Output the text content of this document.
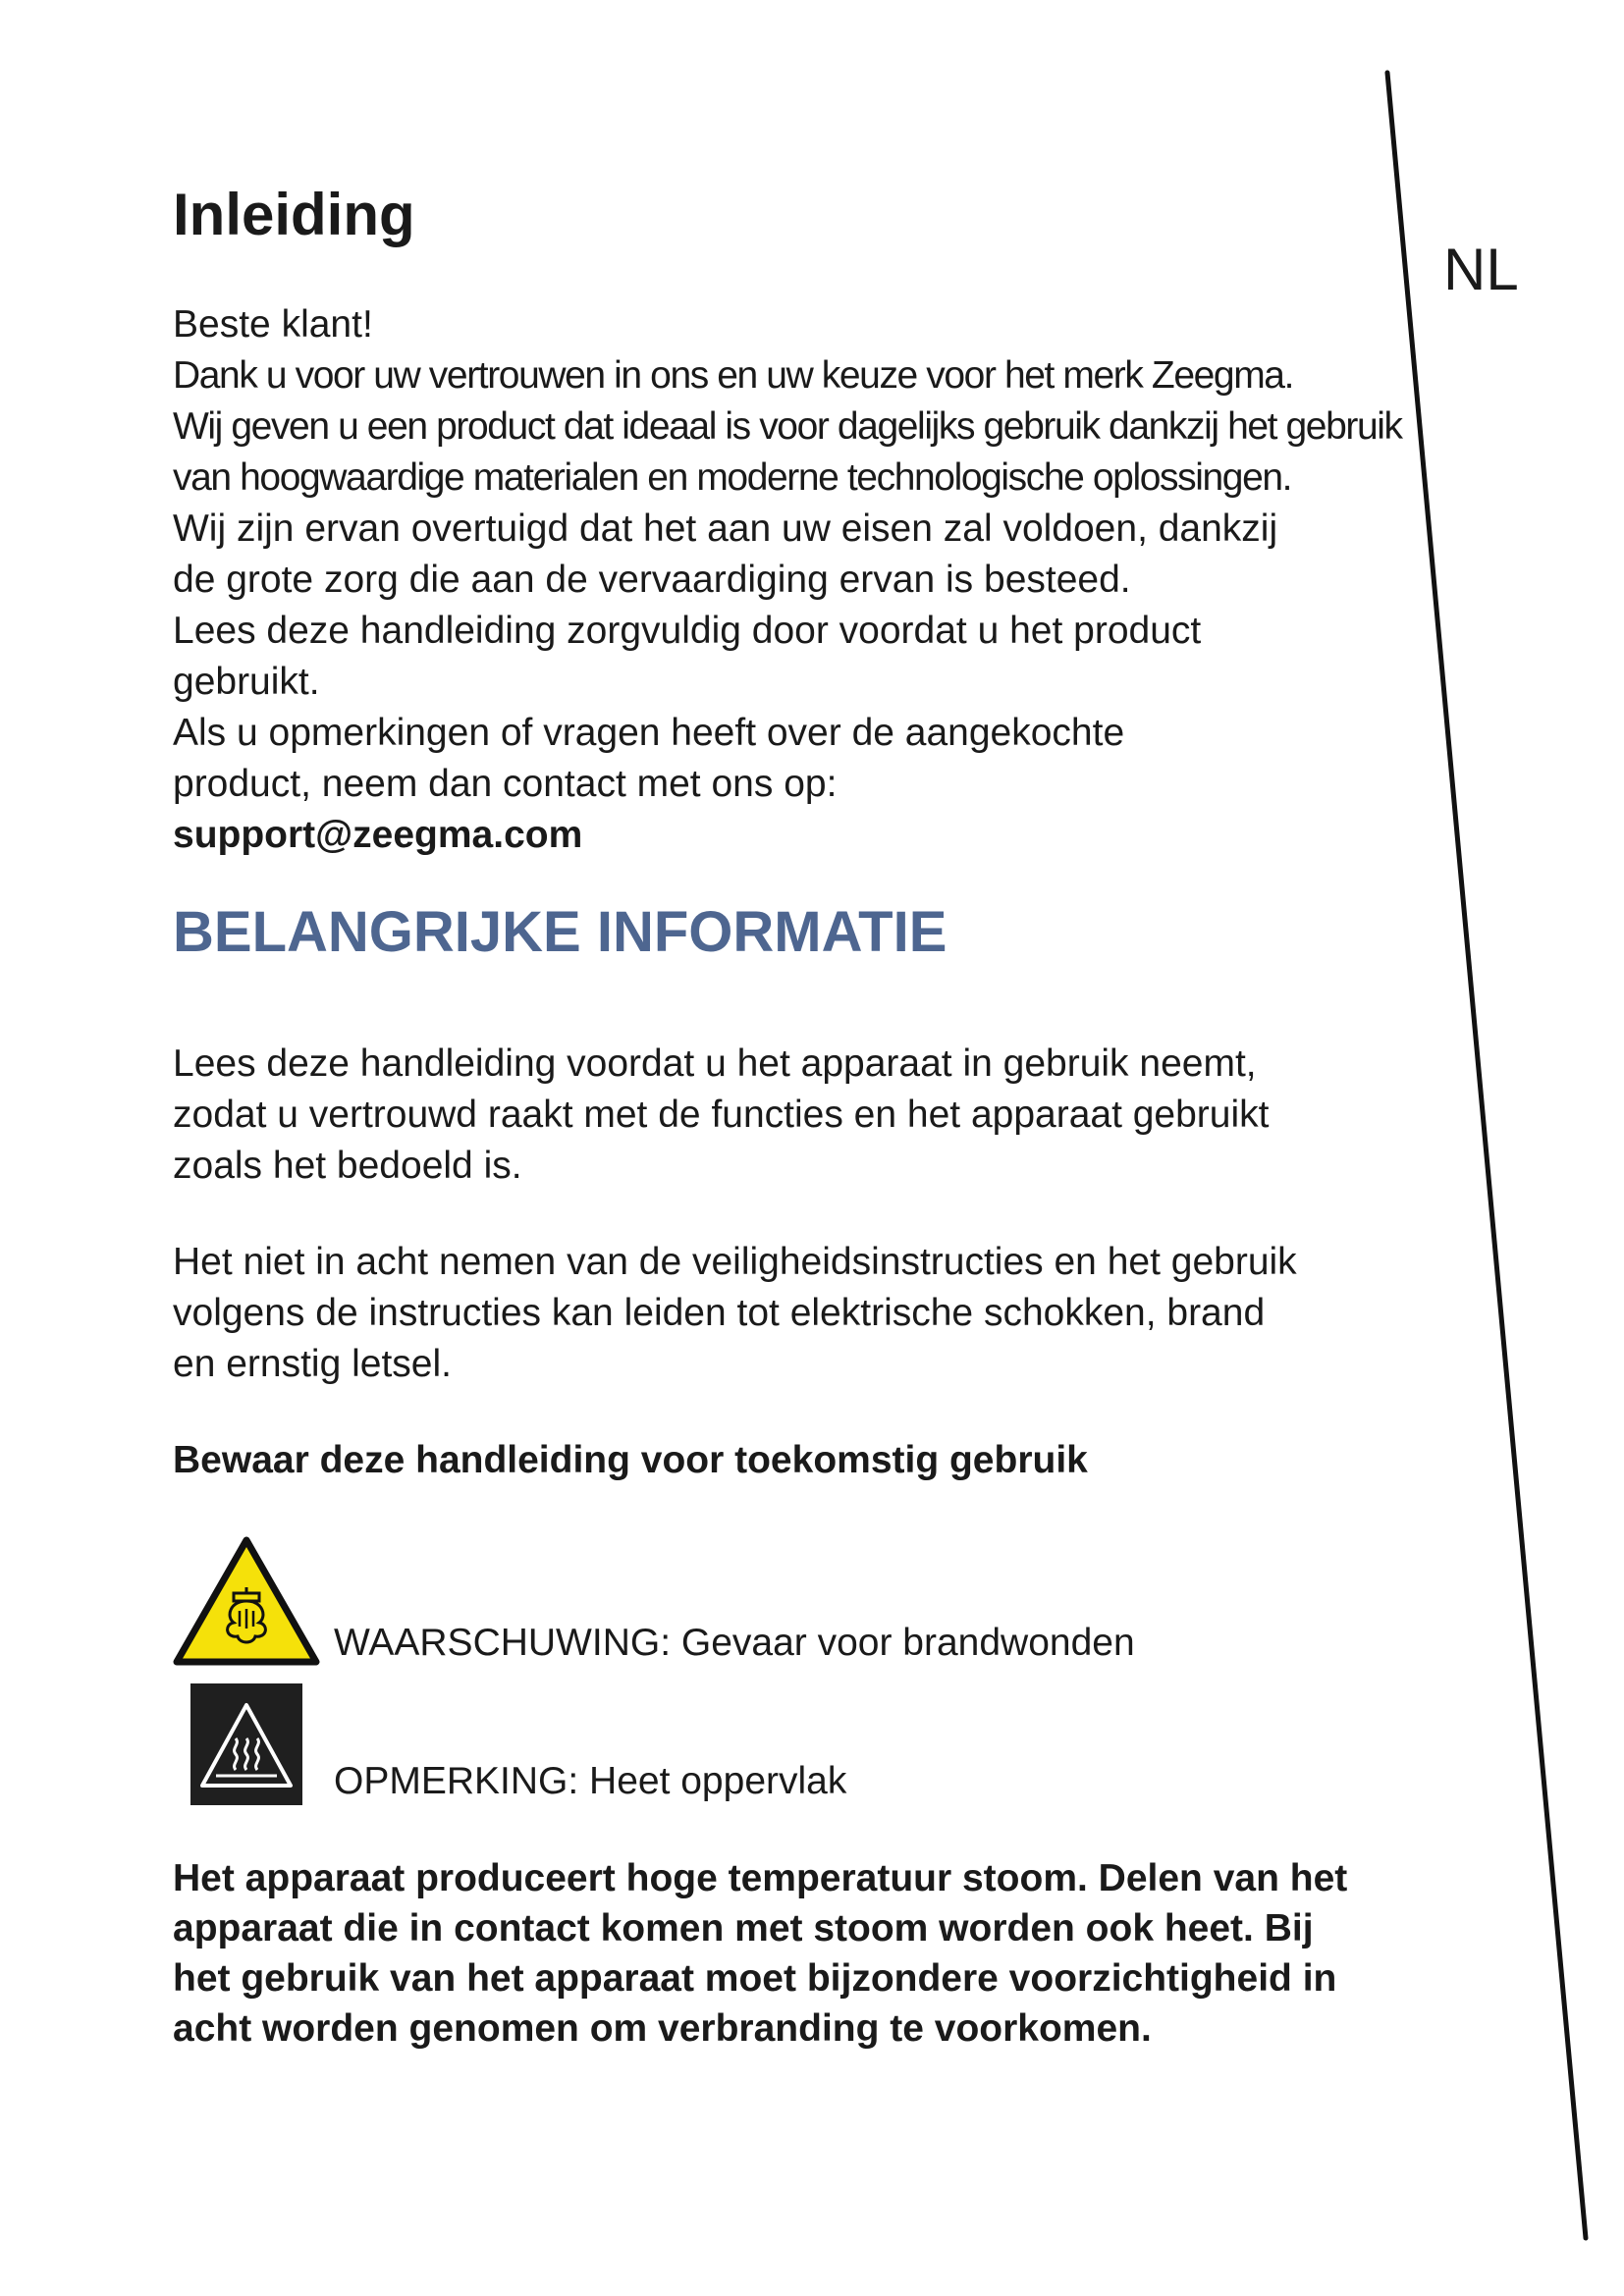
NL
Inleiding
Beste klant!
Dank u voor uw vertrouwen in ons en uw keuze voor het merk Zeegma.
Wij geven u een product dat ideaal is voor dagelijks gebruik dankzij het gebruik
van hoogwaardige materialen en moderne technologische oplossingen.
Wij zijn ervan overtuigd dat het aan uw eisen zal voldoen, dankzij
de grote zorg die aan de vervaardiging ervan is besteed.
Lees deze handleiding zorgvuldig door voordat u het product
gebruikt.
Als u opmerkingen of vragen heeft over de aangekochte
product, neem dan contact met ons op:
support@zeegma.com
BELANGRIJKE INFORMATIE
Lees deze handleiding voordat u het apparaat in gebruik neemt,
zodat u vertrouwd raakt met de functies en het apparaat gebruikt
zoals het bedoeld is.
Het niet in acht nemen van de veiligheidsinstructies en het gebruik
volgens de instructies kan leiden tot elektrische schokken, brand
en ernstig letsel.
Bewaar deze handleiding voor toekomstig gebruik
WAARSCHUWING: Gevaar voor brandwonden
OPMERKING: Heet oppervlak
Het apparaat produceert hoge temperatuur stoom. Delen van het
apparaat die in contact komen met stoom worden ook heet. Bij
het gebruik van het apparaat moet bijzondere voorzichtigheid in
acht worden genomen om verbranding te voorkomen.
